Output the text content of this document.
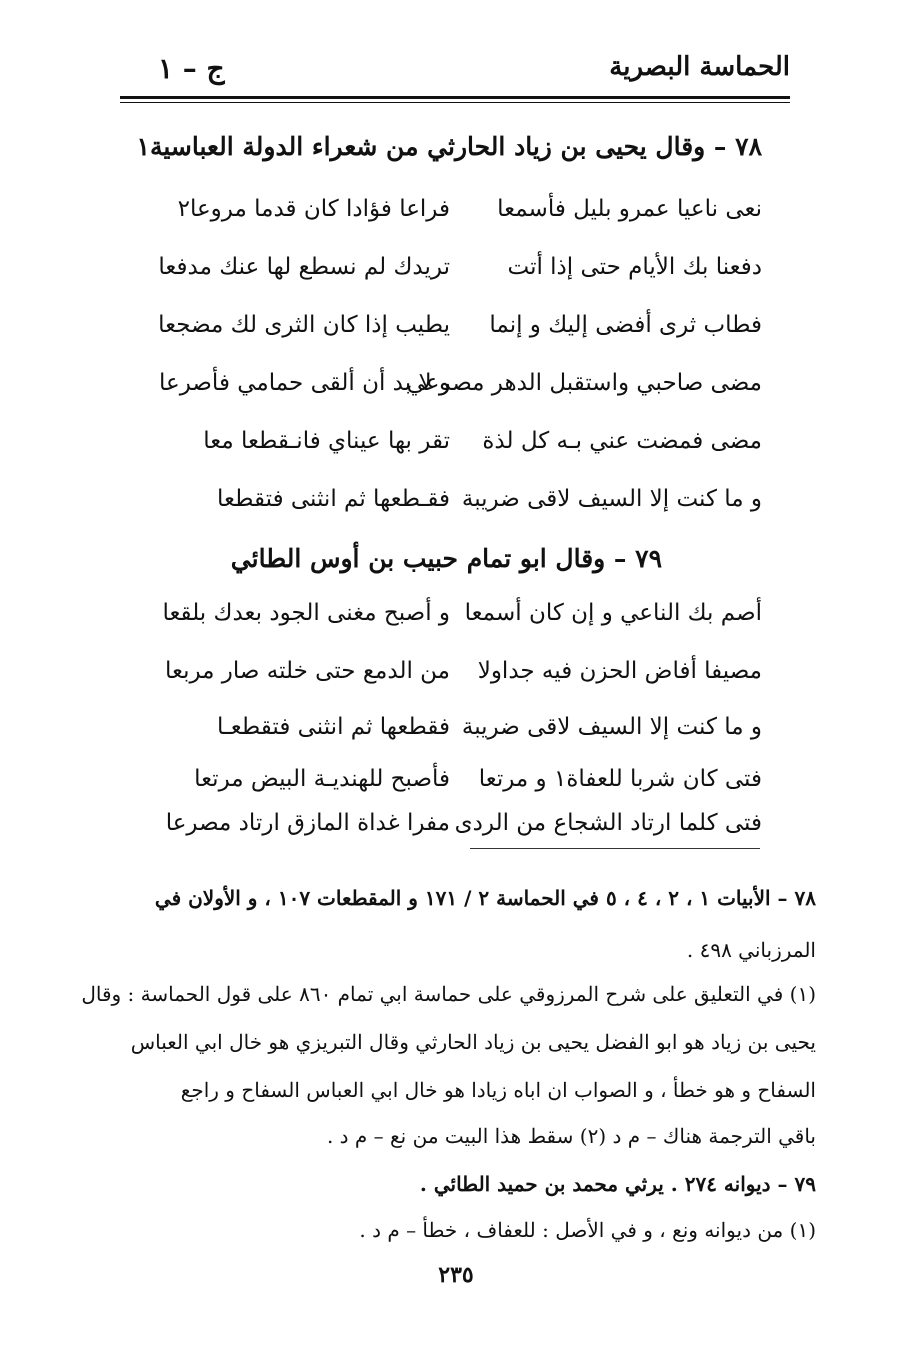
الحماسة البصرية
ج – ١
٧٨ – وقال يحيى بن زياد الحارثي من شعراء الدولة العباسية١
نعى ناعيا عمرو بليل فأسمعا
فراعا فؤادا كان قدما مروعا٢
دفعنا بك الأيام حتى إذا أتت
تريدك لم نسطع لها عنك مدفعا
فطاب ثرى أفضى إليك و إنما
يطيب إذا كان الثرى لك مضجعا
مضى صاحبي واستقبل الدهر مصرعي
و لا بد أن ألقى حمامي فأصرعا
مضى فمضت عني بـه كل لذة
تقر بها عيناي فانـقطعا معا
و ما كنت إلا السيف لاقى ضريبة
فقـطعها ثم انثنى فتقطعا
٧٩ – وقال ابو تمام حبيب بن أوس الطائي
أصم بك الناعي و إن كان أسمعا
و أصبح مغنى الجود بعدك بلقعا
مصيفا أفاض الحزن فيه جداولا
من الدمع حتى خلته صار مربعا
و ما كنت إلا السيف لاقى ضريبة
فقطعها ثم انثنى فتقطعـا
فتى كان شربا للعفاة١ و مرتعا
فأصبح للهنديـة البيض مرتعا
فتى كلما ارتاد الشجاع من الردى
مفرا غداة المازق ارتاد مصرعا
٧٨ – الأبيات ١ ، ٢ ، ٤ ، ٥ في الحماسة ٢ / ١٧١ و المقطعات ١٠٧ ، و الأولان في
المرزباني ٤٩٨ .
(١) في التعليق على شرح المرزوقي على حماسة ابي تمام ٨٦٠ على قول الحماسة : وقال
يحيى بن زياد هو ابو الفضل يحيى بن زياد الحارثي وقال التبريزي هو خال ابي العباس
السفاح و هو خطأ ، و الصواب ان اباه زيادا هو خال ابي العباس السفاح و راجع
باقي الترجمة هناك – م د (٢) سقط هذا البيت من نع – م د .
٧٩ – ديوانه ٢٧٤ . يرثي محمد بن حميد الطائي .
(١) من ديوانه ونع ، و في الأصل : للعفاف ، خطأ – م د .
٢٣٥
